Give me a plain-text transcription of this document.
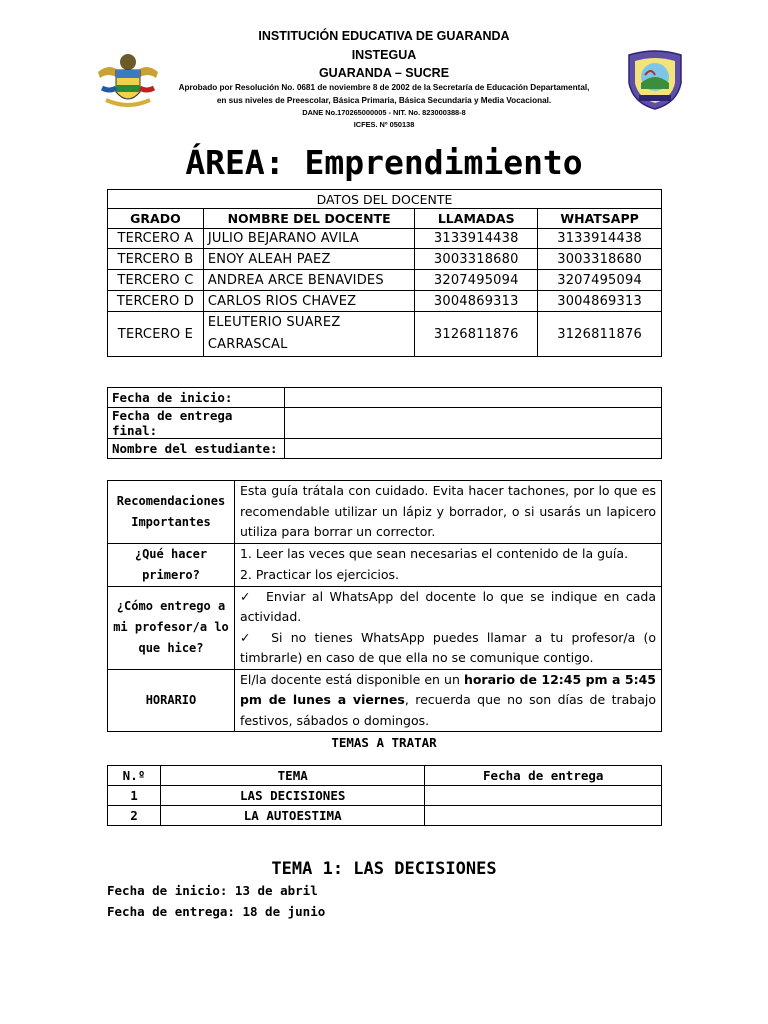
INSTITUCIÓN EDUCATIVA DE GUARANDA
INSTEGUA
GUARANDA – SUCRE
Aprobado por Resolución No. 0681 de noviembre 8 de 2002 de la Secretaría de Educación Departamental,
en sus niveles de Preescolar, Básica Primaria, Básica Secundaria y Media Vocacional.
DANE No.170265000005 - NIT. No. 823000388-8
ICFES. Nº 050138
ÁREA: Emprendimiento
DATOS DEL DOCENTE			
GRADO	NOMBRE DEL DOCENTE	LLAMADAS	WHATSAPP
TERCERO A	JULIO BEJARANO AVILA	3133914438	3133914438
TERCERO B	ENOY ALEAH PAEZ	3003318680	3003318680
TERCERO C	ANDREA ARCE BENAVIDES	3207495094	3207495094
TERCERO D	CARLOS RIOS CHAVEZ	3004869313	3004869313
TERCERO E	ELEUTERIO SUAREZ CARRASCAL	3126811876	3126811876
Fecha de inicio:	
Fecha de entrega final:	
Nombre del estudiante:	
Recomendaciones Importantes	Esta guía trátala con cuidado. Evita hacer tachones, por lo que es recomendable utilizar un lápiz y borrador, o si usarás un lapicero utiliza para borrar un corrector.
¿Qué hacer primero?	1. Leer las veces que sean necesarias el contenido de la guía.
2. Practicar los ejercicios.

¿Cómo entrego a mi profesor/a lo que hice?	✓ Enviar al WhatsApp del docente lo que se indique en cada actividad.
✓ Si no tienes WhatsApp puedes llamar a tu profesor/a (o timbrarle) en caso de que ella no se comunique contigo.

HORARIO	El/la docente está disponible en un horario de 12:45 pm a 5:45 pm de lunes a viernes, recuerda que no son días de trabajo festivos, sábados o domingos.
TEMAS A TRATAR
N.º	TEMA	Fecha de entrega
1	LAS DECISIONES	
2	LA AUTOESTIMA	
TEMA 1: LAS DECISIONES
Fecha de inicio: 13 de abril
Fecha de entrega: 18 de junio
